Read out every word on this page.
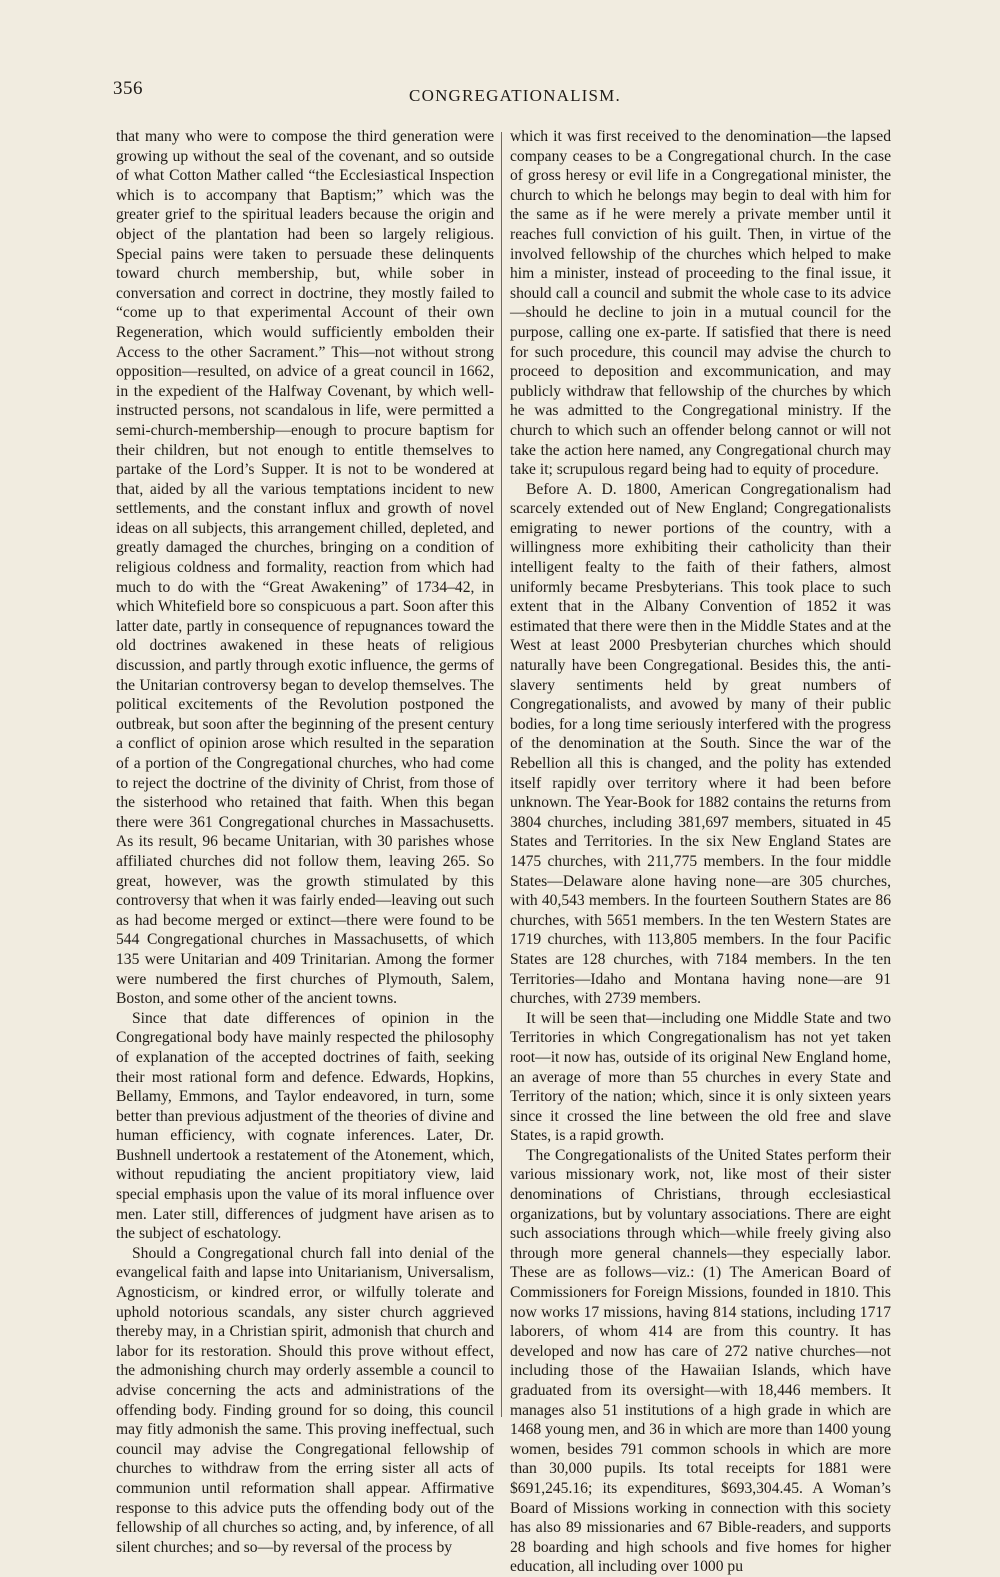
356	CONGREGATIONALISM.

that many who were to compose the third generation were growing up without the seal of the covenant, and so outside of what Cotton Mather called “the Ecclesiastical Inspection which is to accompany that Baptism;” which was the greater grief to the spiritual leaders because the origin and object of the plantation had been so largely religious. Special pains were taken to persuade these delinquents toward church membership, but, while sober in conversation and correct in doctrine, they mostly failed to “come up to that experimental Account of their own Regeneration, which would sufficiently embolden their Access to the other Sacrament.” This—not without strong opposition—resulted, on advice of a great council in 1662, in the expedient of the Halfway Covenant, by which well-instructed persons, not scandalous in life, were permitted a semi-church-membership—enough to procure baptism for their children, but not enough to entitle themselves to partake of the Lord’s Supper. It is not to be wondered at that, aided by all the various temptations incident to new settlements, and the constant influx and growth of novel ideas on all subjects, this arrangement chilled, depleted, and greatly damaged the churches, bringing on a condition of religious coldness and formality, reaction from which had much to do with the “Great Awakening” of 1734–42, in which Whitefield bore so conspicuous a part. Soon after this latter date, partly in consequence of repugnances toward the old doctrines awakened in these heats of religious discussion, and partly through exotic influence, the germs of the Unitarian controversy began to develop themselves. The political excitements of the Revolution postponed the outbreak, but soon after the beginning of the present century a conflict of opinion arose which resulted in the separation of a portion of the Congregational churches, who had come to reject the doctrine of the divinity of Christ, from those of the sisterhood who retained that faith. When this began there were 361 Congregational churches in Massachusetts. As its result, 96 became Unitarian, with 30 parishes whose affiliated churches did not follow them, leaving 265. So great, however, was the growth stimulated by this controversy that when it was fairly ended—leaving out such as had become merged or extinct—there were found to be 544 Congregational churches in Massachusetts, of which 135 were Unitarian and 409 Trinitarian. Among the former were numbered the first churches of Plymouth, Salem, Boston, and some other of the ancient towns.

Since that date differences of opinion in the Congregational body have mainly respected the philosophy of explanation of the accepted doctrines of faith, seeking their most rational form and defence. Edwards, Hopkins, Bellamy, Emmons, and Taylor endeavored, in turn, some better than previous adjustment of the theories of divine and human efficiency, with cognate inferences. Later, Dr. Bushnell undertook a restatement of the Atonement, which, without repudiating the ancient propitiatory view, laid special emphasis upon the value of its moral influence over men. Later still, differences of judgment have arisen as to the subject of eschatology.

Should a Congregational church fall into denial of the evangelical faith and lapse into Unitarianism, Universalism, Agnosticism, or kindred error, or wilfully tolerate and uphold notorious scandals, any sister church aggrieved thereby may, in a Christian spirit, admonish that church and labor for its restoration. Should this prove without effect, the admonishing church may orderly assemble a council to advise concerning the acts and administrations of the offending body. Finding ground for so doing, this council may fitly admonish the same. This proving ineffectual, such council may advise the Congregational fellowship of churches to withdraw from the erring sister all acts of communion until reformation shall appear. Affirmative response to this advice puts the offending body out of the fellowship of all churches so acting, and, by inference, of all silent churches; and so—by reversal of the process by

which it was first received to the denomination—the lapsed company ceases to be a Congregational church. In the case of gross heresy or evil life in a Congregational minister, the church to which he belongs may begin to deal with him for the same as if he were merely a private member until it reaches full conviction of his guilt. Then, in virtue of the involved fellowship of the churches which helped to make him a minister, instead of proceeding to the final issue, it should call a council and submit the whole case to its advice—should he decline to join in a mutual council for the purpose, calling one ex-parte. If satisfied that there is need for such procedure, this council may advise the church to proceed to deposition and excommunication, and may publicly withdraw that fellowship of the churches by which he was admitted to the Congregational ministry. If the church to which such an offender belong cannot or will not take the action here named, any Congregational church may take it; scrupulous regard being had to equity of procedure.

Before A. D. 1800, American Congregationalism had scarcely extended out of New England; Congregationalists emigrating to newer portions of the country, with a willingness more exhibiting their catholicity than their intelligent fealty to the faith of their fathers, almost uniformly became Presbyterians. This took place to such extent that in the Albany Convention of 1852 it was estimated that there were then in the Middle States and at the West at least 2000 Presbyterian churches which should naturally have been Congregational. Besides this, the anti-slavery sentiments held by great numbers of Congregationalists, and avowed by many of their public bodies, for a long time seriously interfered with the progress of the denomination at the South. Since the war of the Rebellion all this is changed, and the polity has extended itself rapidly over territory where it had been before unknown. The Year-Book for 1882 contains the returns from 3804 churches, including 381,697 members, situated in 45 States and Territories. In the six New England States are 1475 churches, with 211,775 members. In the four middle States—Delaware alone having none—are 305 churches, with 40,543 members. In the fourteen Southern States are 86 churches, with 5651 members. In the ten Western States are 1719 churches, with 113,805 members. In the four Pacific States are 128 churches, with 7184 members. In the ten Territories—Idaho and Montana having none—are 91 churches, with 2739 members.

It will be seen that—including one Middle State and two Territories in which Congregationalism has not yet taken root—it now has, outside of its original New England home, an average of more than 55 churches in every State and Territory of the nation; which, since it is only sixteen years since it crossed the line between the old free and slave States, is a rapid growth.

The Congregationalists of the United States perform their various missionary work, not, like most of their sister denominations of Christians, through ecclesiastical organizations, but by voluntary associations. There are eight such associations through which—while freely giving also through more general channels—they especially labor. These are as follows—viz.: (1) The American Board of Commissioners for Foreign Missions, founded in 1810. This now works 17 missions, having 814 stations, including 1717 laborers, of whom 414 are from this country. It has developed and now has care of 272 native churches—not including those of the Hawaiian Islands, which have graduated from its oversight—with 18,446 members. It manages also 51 institutions of a high grade in which are 1468 young men, and 36 in which are more than 1400 young women, besides 791 common schools in which are more than 30,000 pupils. Its total receipts for 1881 were $691,245.16; its expenditures, $693,304.45. A Woman’s Board of Missions working in connection with this society has also 89 missionaries and 67 Bible-readers, and supports 28 boarding and high schools and five homes for higher education, all including over 1000 pu
